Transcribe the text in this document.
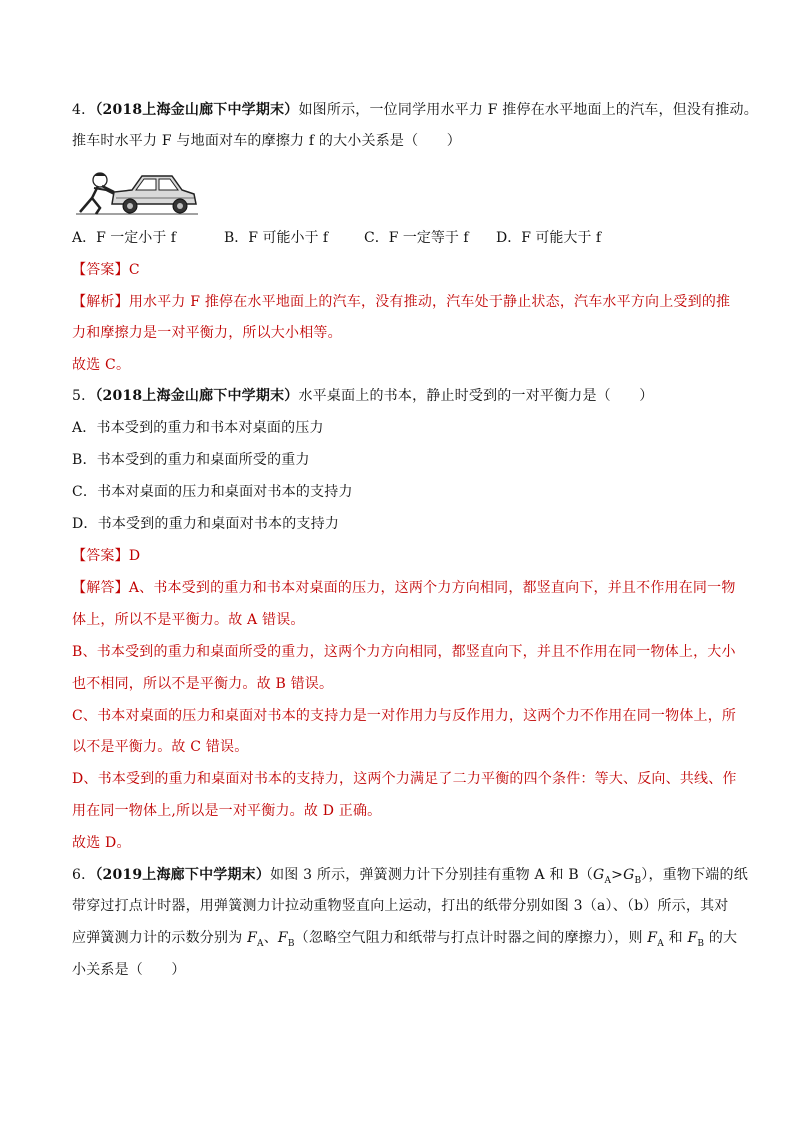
4．（2018上海金山廊下中学期末）如图所示，一位同学用水平力 F 推停在水平地面上的汽车，但没有推动。
推车时水平力 F 与地面对车的摩擦力 f 的大小关系是（　　）
A．F 一定小于 f	B．F 可能小于 f	C．F 一定等于 f D．F 可能大于 f
【答案】C
【解析】用水平力 F 推停在水平地面上的汽车，没有推动，汽车处于静止状态，汽车水平方向上受到的推
力和摩擦力是一对平衡力，所以大小相等。
故选 C。
5．（2018上海金山廊下中学期末）水平桌面上的书本，静止时受到的一对平衡力是（　　）
A．书本受到的重力和书本对桌面的压力
B．书本受到的重力和桌面所受的重力
C．书本对桌面的压力和桌面对书本的支持力
D．书本受到的重力和桌面对书本的支持力
【答案】D
【解答】A、书本受到的重力和书本对桌面的压力，这两个力方向相同，都竖直向下，并且不作用在同一物
体上，所以不是平衡力。故 A 错误。
B、书本受到的重力和桌面所受的重力，这两个力方向相同，都竖直向下，并且不作用在同一物体上，大小
也不相同，所以不是平衡力。故 B 错误。
C、书本对桌面的压力和桌面对书本的支持力是一对作用力与反作用力，这两个力不作用在同一物体上，所
以不是平衡力。故 C 错误。
D、书本受到的重力和桌面对书本的支持力，这两个力满足了二力平衡的四个条件：等大、反向、共线、作
用在同一物体上,所以是一对平衡力。故 D 正确。
故选 D。
6．（2019上海廊下中学期末）如图 3 所示，弹簧测力计下分别挂有重物 A 和 $B(G_A>G_B)$，重物下端的纸
带穿过打点计时器，用弹簧测力计拉动重物竖直向上运动，打出的纸带分别如图 3（a）、（b）所示，其对
应弹簧测力计的示数分别为 $F_A$、$F_B$（忽略空气阻力和纸带与打点计时器之间的摩擦力），则 $F_A$ 和 $F_B$ 的大
小关系是（　　）
